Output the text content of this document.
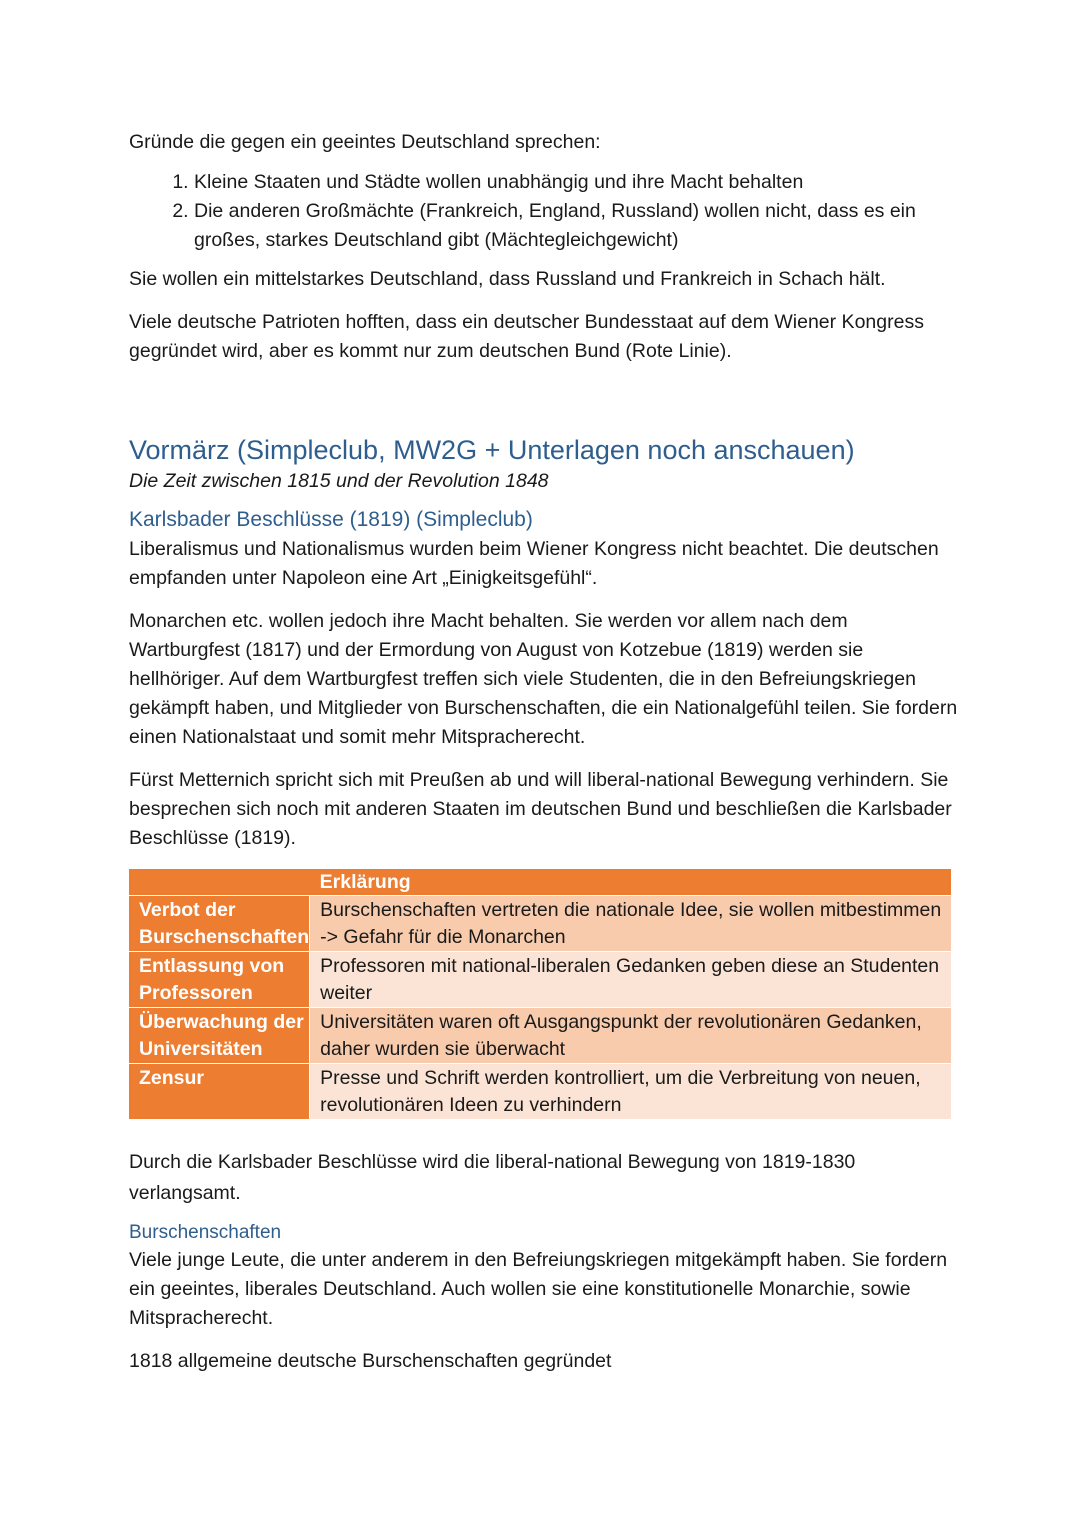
Gründe die gegen ein geeintes Deutschland sprechen:

1. Kleine Staaten und Städte wollen unabhängig und ihre Macht behalten
2. Die anderen Großmächte (Frankreich, England, Russland) wollen nicht, dass es ein großes, starkes Deutschland gibt (Mächtegleichgewicht)

Sie wollen ein mittelstarkes Deutschland, dass Russland und Frankreich in Schach hält.

Viele deutsche Patrioten hofften, dass ein deutscher Bundesstaat auf dem Wiener Kongress gegründet wird, aber es kommt nur zum deutschen Bund (Rote Linie).

Vormärz (Simpleclub, MW2G + Unterlagen noch anschauen)
Die Zeit zwischen 1815 und der Revolution 1848
Karlsbader Beschlüsse (1819) (Simpleclub)

Liberalismus und Nationalismus wurden beim Wiener Kongress nicht beachtet. Die deutschen empfanden unter Napoleon eine Art „Einigkeitsgefühl“.

Monarchen etc. wollen jedoch ihre Macht behalten. Sie werden vor allem nach dem Wartburgfest (1817) und der Ermordung von August von Kotzebue (1819) werden sie hellhöriger. Auf dem Wartburgfest treffen sich viele Studenten, die in den Befreiungskriegen gekämpft haben, und Mitglieder von Burschenschaften, die ein Nationalgefühl teilen. Sie fordern einen Nationalstaat und somit mehr Mitspracherecht.

Fürst Metternich spricht sich mit Preußen ab und will liberal-national Bewegung verhindern. Sie besprechen sich noch mit anderen Staaten im deutschen Bund und beschließen die Karlsbader Beschlüsse (1819).

	Erklärung
Verbot der Burschenschaften	Burschenschaften vertreten die nationale Idee, sie wollen mitbestimmen -> Gefahr für die Monarchen
Entlassung von Professoren	Professoren mit national-liberalen Gedanken geben diese an Studenten weiter
Überwachung der Universitäten	Universitäten waren oft Ausgangspunkt der revolutionären Gedanken, daher wurden sie überwacht
Zensur	Presse und Schrift werden kontrolliert, um die Verbreitung von neuen, revolutionären Ideen zu verhindern

Durch die Karlsbader Beschlüsse wird die liberal-national Bewegung von 1819-1830 verlangsamt.

Burschenschaften

Viele junge Leute, die unter anderem in den Befreiungskriegen mitgekämpft haben. Sie fordern ein geeintes, liberales Deutschland. Auch wollen sie eine konstitutionelle Monarchie, sowie Mitspracherecht.

1818 allgemeine deutsche Burschenschaften gegründet
